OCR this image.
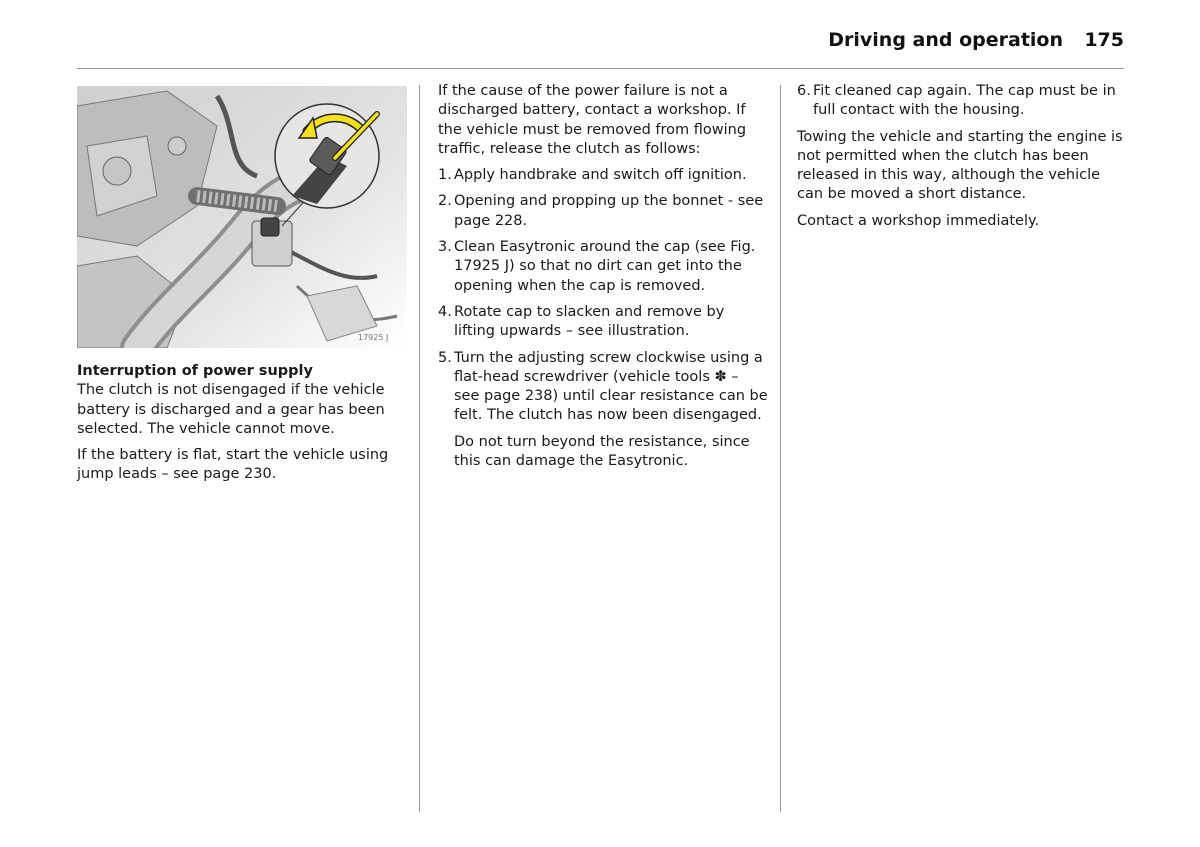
Driving and operation 175
17925 J

Interruption of power supply

The clutch is not disengaged if the vehicle battery is discharged and a gear has been selected. The vehicle cannot move.

If the battery is flat, start the vehicle using jump leads – see page 230.

If the cause of the power failure is not a discharged battery, contact a workshop. If the vehicle must be removed from flowing traffic, release the clutch as follows:

1. Apply handbrake and switch off ignition.
2. Opening and propping up the bonnet - see page 228.
3. Clean Easytronic around the cap (see Fig. 17925 J) so that no dirt can get into the opening when the cap is removed.
4. Rotate cap to slacken and remove by lifting upwards – see illustration.
5. Turn the adjusting screw clockwise using a flat-head screwdriver (vehicle tools ✽ – see page 238) until clear resistance can be felt. The clutch has now been disengaged.

Do not turn beyond the resistance, since this can damage the Easytronic.

6. Fit cleaned cap again. The cap must be in full contact with the housing.

Towing the vehicle and starting the engine is not permitted when the clutch has been released in this way, although the vehicle can be moved a short distance.

Contact a workshop immediately.
